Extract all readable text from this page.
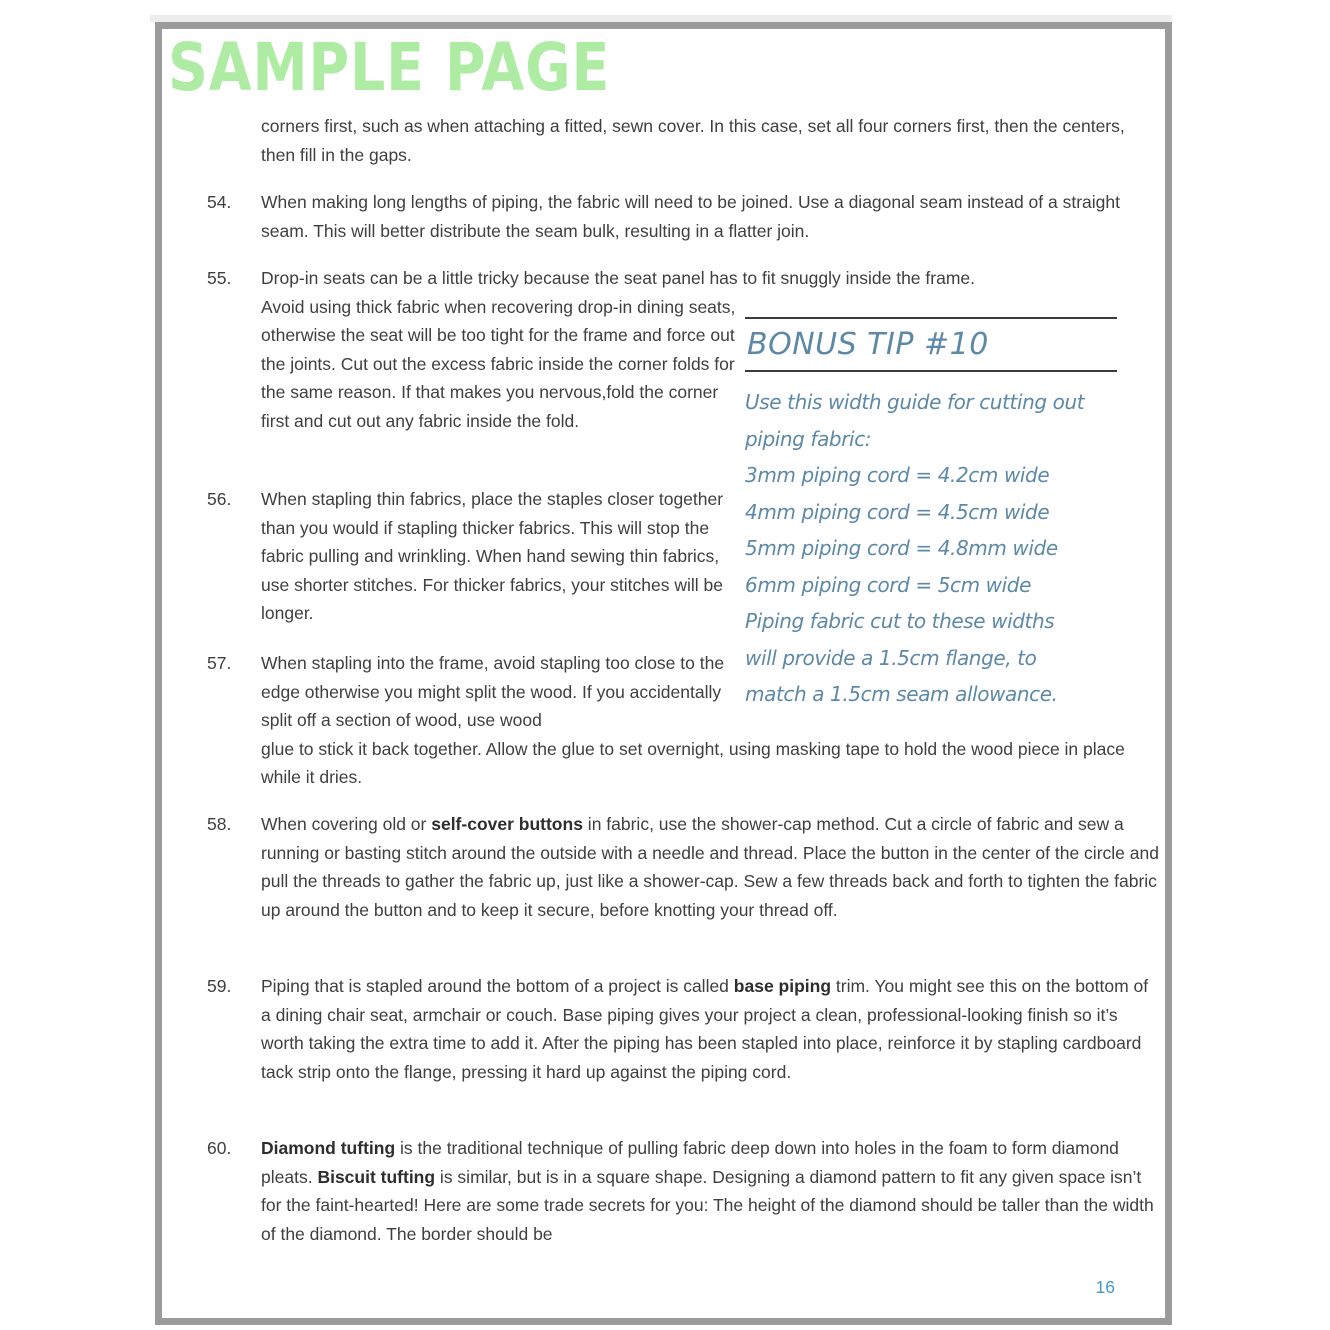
SAMPLE PAGE
corners first, such as when attaching a fitted, sewn cover. In this case, set all four corners first, then the centers, then fill in the gaps.
54.	When making long lengths of piping, the fabric will need to be joined. Use a diagonal seam instead of a straight seam. This will better distribute the seam bulk, resulting in a flatter join.
55.	Drop-in seats can be a little tricky because the seat panel has to fit snuggly inside the frame.
Avoid using thick fabric when recovering drop-in dining seats, otherwise the seat will be too tight for the frame and force out the joints. Cut out the excess fabric inside the corner folds for the same reason. If that makes you nervous,fold the corner first and cut out any fabric inside the fold.
56.	When stapling thin fabrics, place the staples closer together than you would if stapling thicker fabrics. This will stop the fabric pulling and wrinkling. When hand sewing thin fabrics, use shorter stitches. For thicker fabrics, your stitches will be longer.
57.	When stapling into the frame, avoid stapling too close to the edge otherwise you might split the wood. If you accidentally split off a section of wood, use wood
glue to stick it back together. Allow the glue to set overnight, using masking tape to hold the wood piece in place while it dries.
58.	When covering old or self-cover buttons in fabric, use the shower-cap method. Cut a circle of fabric and sew a running or basting stitch around the outside with a needle and thread. Place the button in the center of the circle and pull the threads to gather the fabric up, just like a shower-cap. Sew a few threads back and forth to tighten the fabric up around the button and to keep it secure, before knotting your thread off.
59.	Piping that is stapled around the bottom of a project is called base piping trim. You might see this on the bottom of a dining chair seat, armchair or couch. Base piping gives your project a clean, professional-looking finish so it’s worth taking the extra time to add it. After the piping has been stapled into place, reinforce it by stapling cardboard tack strip onto the flange, pressing it hard up against the piping cord.
60.	Diamond tufting is the traditional technique of pulling fabric deep down into holes in the foam to form diamond pleats. Biscuit tufting is similar, but is in a square shape. Designing a diamond pattern to fit any given space isn’t for the faint-hearted! Here are some trade secrets for you: The height of the diamond should be taller than the width of the diamond. The border should be
BONUS TIP #10
Use this width guide for cutting out
piping fabric:
3mm piping cord = 4.2cm wide
4mm piping cord = 4.5cm wide
5mm piping cord = 4.8mm wide
6mm piping cord = 5cm wide
Piping fabric cut to these widths
will provide a 1.5cm flange, to
match a 1.5cm seam allowance.
16
